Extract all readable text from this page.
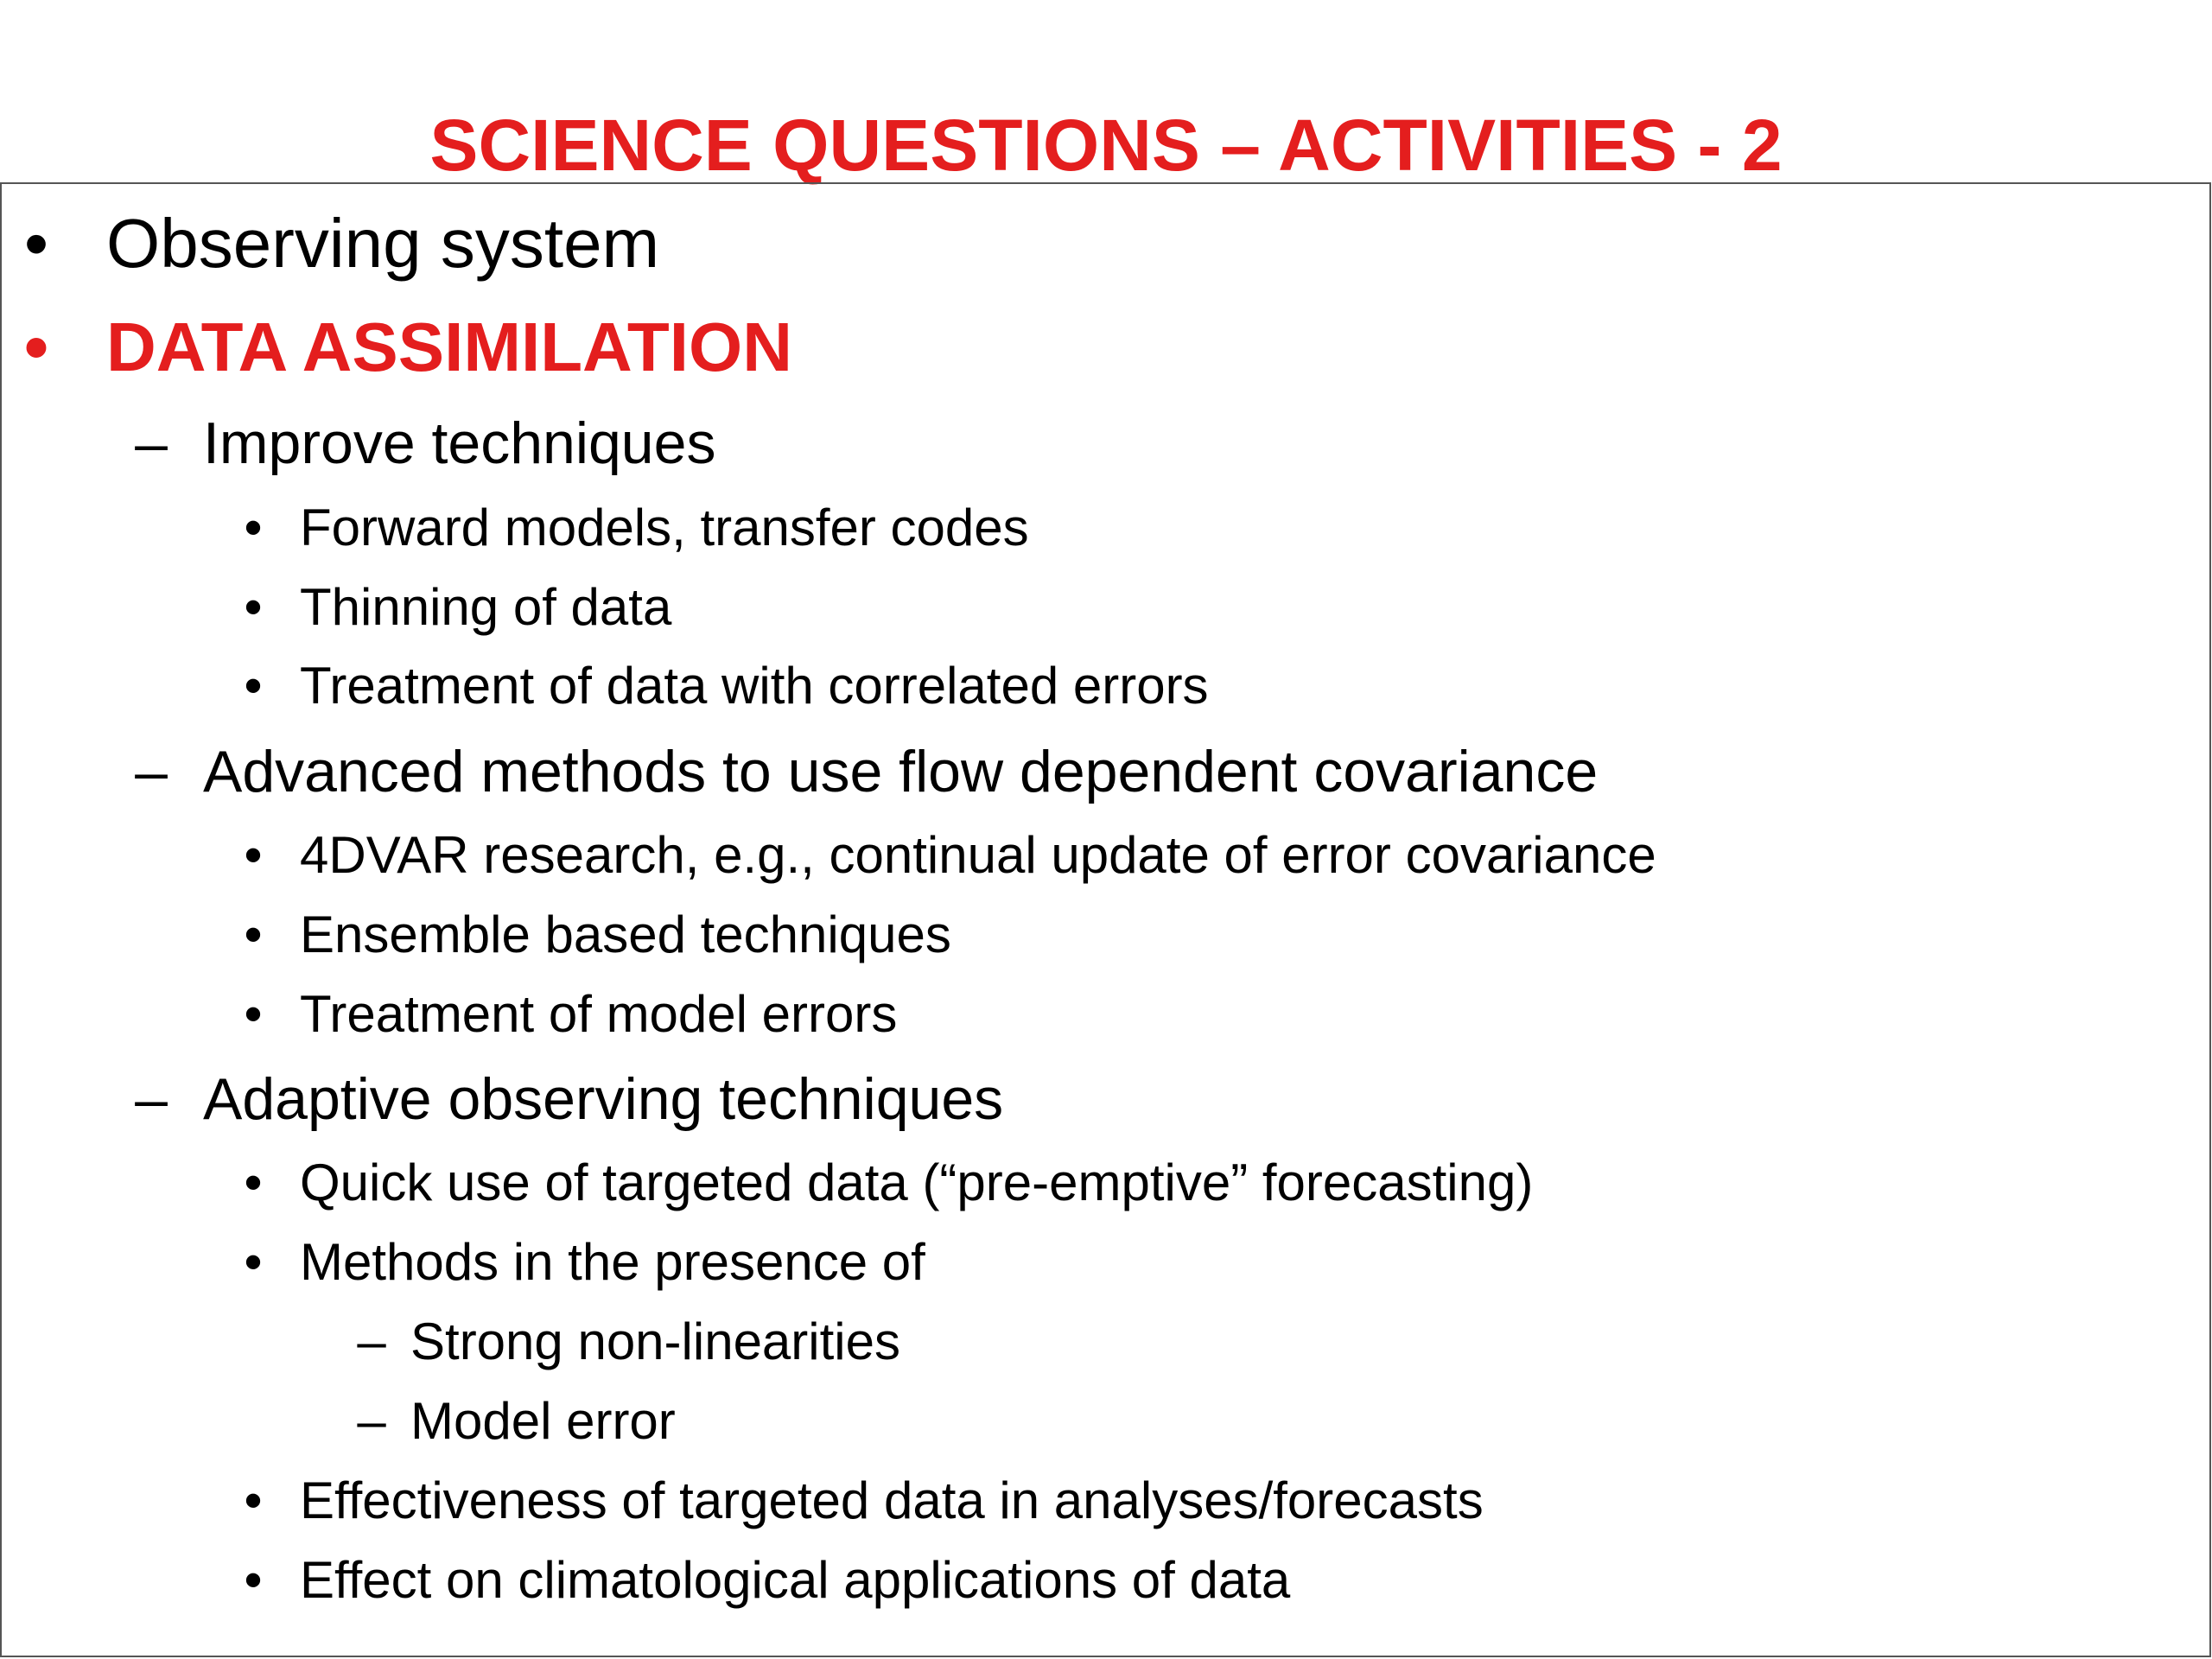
SCIENCE QUESTIONS – ACTIVITIES - 2
• Observing system
• DATA ASSIMILATION
– Improve techniques
• Forward models, transfer codes
• Thinning of data
• Treatment of data with correlated errors
– Advanced methods to use flow dependent covariance
• 4DVAR research, e.g., continual update of error covariance
• Ensemble based techniques
• Treatment of model errors
– Adaptive observing techniques
• Quick use of targeted data (“pre-emptive” forecasting)
• Methods in the presence of
– Strong non-linearities
– Model error
• Effectiveness of targeted data in analyses/forecasts
• Effect on climatological applications of data
